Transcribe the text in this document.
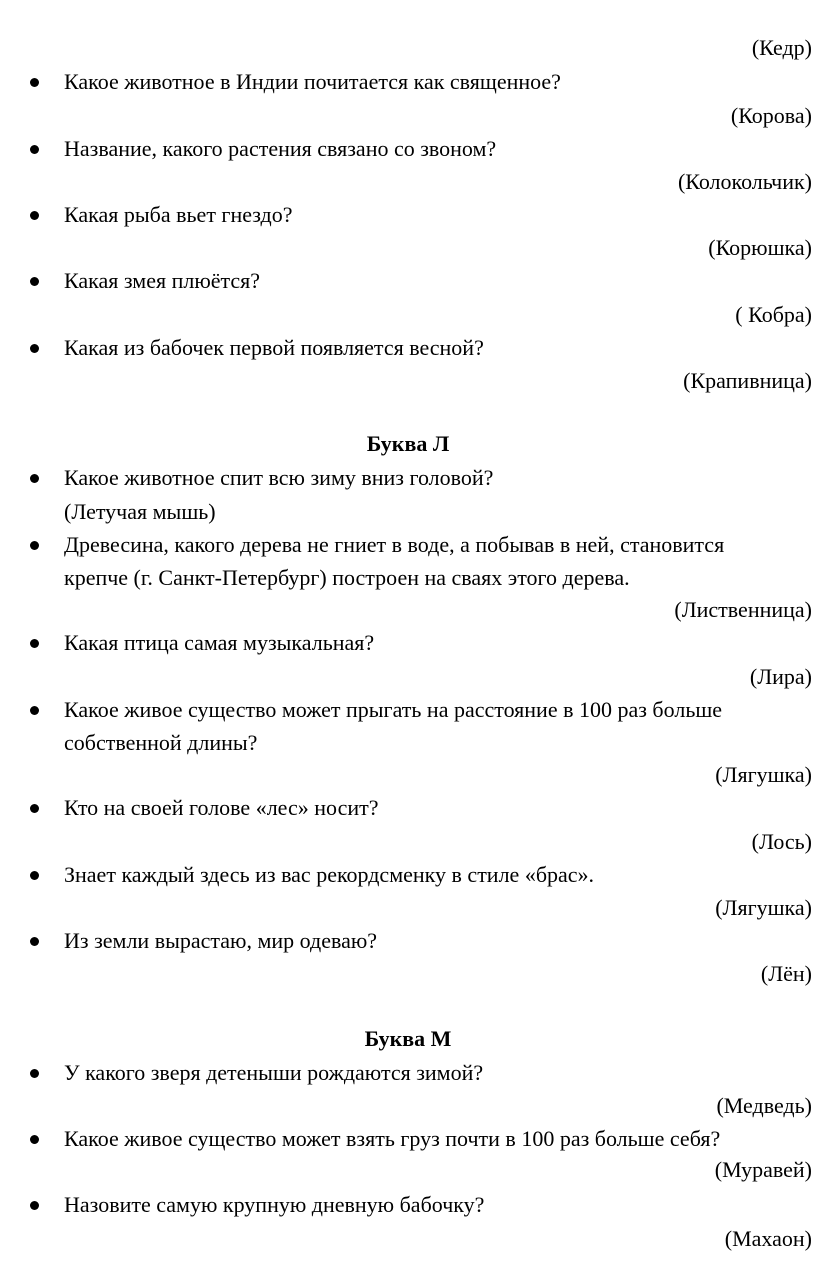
(Кедр)
Какое животное в Индии почитается как священное?
(Корова)
Название, какого растения связано со звоном?
(Колокольчик)
Какая рыба вьет гнездо?
(Корюшка)
Какая змея плюётся?
( Кобра)
Какая из бабочек первой появляется весной?
(Крапивница)
Буква Л
Какое животное спит всю зиму вниз головой?
(Летучая мышь)
Древесина, какого дерева не гниет в воде, а побывав в ней, становится
крепче (г. Санкт-Петербург) построен на сваях этого дерева.
(Лиственница)
Какая птица самая музыкальная?
(Лира)
Какое живое существо может прыгать на расстояние в 100 раз больше
собственной длины?
(Лягушка)
Кто на своей голове «лес» носит?
(Лось)
Знает каждый здесь из вас рекордсменку в стиле «брас».
(Лягушка)
Из земли вырастаю, мир одеваю?
(Лён)
Буква М
У какого зверя детеныши рождаются зимой?
(Медведь)
Какое живое существо может взять груз почти в 100 раз больше себя?
(Муравей)
Назовите самую крупную дневную бабочку?
(Махаон)
